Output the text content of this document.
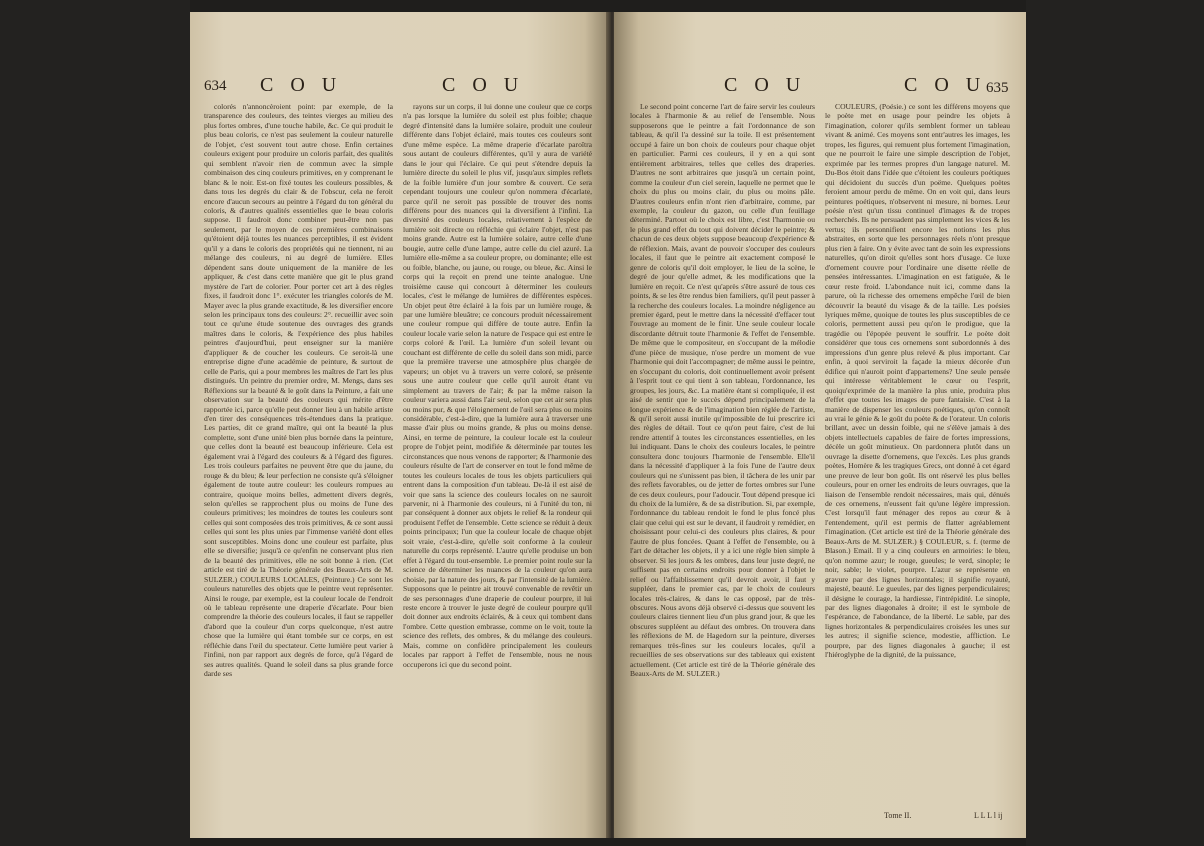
634 C O U	C O U

colorés n'annoncèroient point: par exemple, de la transparence des couleurs, des teintes vierges au milieu des plus fortes ombres, d'une touche habile, &c. Ce qui produit le plus beau coloris, ce n'est pas seulement la couleur naturelle de l'objet, c'est souvent tout autre chose. Enfin certaines couleurs exigent pour produire un coloris parfait, des qualités qui semblent n'avoir rien de commun avec la simple combinaison des cinq couleurs primitives, en y comprenant le blanc & le noir. Est-on fixé toutes les couleurs possibles, & dans tous les degrés du clair & de l'obscur, cela ne feroit encore d'aucun secours au peintre à l'égard du ton général du coloris, & d'autres qualités essentielles que le beau coloris suppose. Il faudroit donc combiner peut-être non pas seulement, par le moyen de ces premières combinaisons qu'étoient déjà toutes les nuances perceptibles, il est évident qu'il y a dans le coloris des propriétés qui ne tiennent, ni au mélange des couleurs, ni au degré de lumière. Elles dépendent sans doute uniquement de la manière de les appliquer, & c'est dans cette manière que git le plus grand mystère de l'art de colorier. Pour porter cet art à des règles fixes, il faudroit donc 1°. exécuter les triangles colorés de M. Mayer avec la plus grande exactitude, & les diversifier encore selon les principaux tons des couleurs: 2°. recueillir avec soin tout ce qu'une étude soutenue des ouvrages des grands maîtres dans le coloris, & l'expérience des plus habiles peintres d'aujourd'hui, peut enseigner sur la manière d'appliquer & de coucher les couleurs. Ce seroit-là une entreprise digne d'une académie de peinture, & surtout de celle de Paris, qui a pour membres les maîtres de l'art les plus distingués. Un peintre du premier ordre, M. Mengs, dans ses Réflexions sur la beauté & le goût dans la Peinture, a fait une observation sur la beauté des couleurs qui mérite d'être rapportée ici, parce qu'elle peut donner lieu à un habile artiste d'en tirer des conséquences très-étendues dans la pratique. Les parties, dit ce grand maître, qui ont la beauté la plus complette, sont d'une unité bien plus bornée dans la peinture, que celles dont la beauté est beaucoup inférieure. Cela est également vrai à l'égard des couleurs & à l'égard des figures. Les trois couleurs parfaites ne peuvent être que du jaune, du rouge & du bleu; & leur perfection ne consiste qu'à s'éloigner également de toute autre couleur: les couleurs rompues au contraire, quoique moins belles, admettent divers degrés, selon qu'elles se rapprochent plus ou moins de l'une des couleurs primitives; les moindres de toutes les couleurs sont celles qui sont composées des trois primitives, & ce sont aussi celles qui sont les plus unies par l'immense variété dont elles sont susceptibles. Moins donc une couleur est parfaite, plus elle se diversifie; jusqu'à ce qu'enfin ne conservant plus rien de la beauté des primitives, elle ne soit bonne à rien. (Cet article est tiré de la Théorie générale des Beaux-Arts de M. SULZER.) COULEURS LOCALES, (Peinture.) Ce sont les couleurs naturelles des objets que le peintre veut représenter. Ainsi le rouge, par exemple, est la couleur locale de l'endroit où le tableau représente une draperie d'écarlate. Pour bien comprendre la théorie des couleurs locales, il faut se rappeller d'abord que la couleur d'un corps quelconque, n'est autre chose que la lumière qui étant tombée sur ce corps, en est réfléchie dans l'œil du spectateur. Cette lumière peut varier à l'infini, non par rapport aux degrés de force, qu'à l'égard de ses autres qualités. Quand le soleil dans sa plus grande force darde ses

rayons sur un corps, il lui donne une couleur que ce corps n'a pas lorsque la lumière du soleil est plus foible; chaque degré d'intensité dans la lumière solaire, produit une couleur différente dans l'objet éclairé, mais toutes ces couleurs sont d'une même espèce. La même draperie d'écarlate paroîtra sous autant de couleurs différentes, qu'il y aura de variété dans le jour qui l'éclaire. Ce qui peut s'étendre depuis la lumière directe du soleil le plus vif, jusqu'aux simples reflets de la foible lumière d'un jour sombre & couvert. Ce sera cependant toujours une couleur qu'on nommera d'écarlate, parce qu'il ne seroit pas possible de trouver des noms différens pour des nuances qui la diversifient à l'infini. La diversité des couleurs locales, relativement à l'espèce de lumière soit directe ou réfléchie qui éclaire l'objet, n'est pas moins grande. Autre est la lumière solaire, autre celle d'une bougie, autre celle d'une lampe, autre celle du ciel azuré. La lumière elle-même a sa couleur propre, ou dominante; elle est ou foible, blanche, ou jaune, ou rouge, ou bleue, &c. Ainsi le corps qui la reçoit en prend une teinte analogue. Une troisième cause qui concourt à déterminer les couleurs locales, c'est le mélange de lumières de différentes espèces. Un objet peut être éclairé à la fois par un lumière rouge, & par une lumière bleuâtre; ce concours produit nécessairement une couleur rompue qui diffère de toute autre. Enfin la couleur locale varie selon la nature de l'espace qui est entre le corps coloré & l'œil. La lumière d'un soleil levant ou couchant est différente de celle du soleil dans son midi, parce que la première traverse une atmosphère plus chargée de vapeurs; un objet vu à travers un verre coloré, se présente sous une autre couleur que celle qu'il auroit étant vu simplement au travers de l'air; & par la même raison la couleur variera aussi dans l'air seul, selon que cet air sera plus ou moins pur, & que l'éloignement de l'œil sera plus ou moins considérable, c'est-à-dire, que la lumière aura à traverser une masse d'air plus ou moins grande, & plus ou moins dense. Ainsi, en terme de peinture, la couleur locale est la couleur propre de l'objet peint, modifiée & déterminée par toutes les circonstances que nous venons de rapporter; & l'harmonie des couleurs résulte de l'art de conserver en tout le fond même de toutes les couleurs locales de tous les objets particuliers qui entrent dans la composition d'un tableau. De-là il est aisé de voir que sans la science des couleurs locales on ne sauroit parvenir, ni à l'harmonie des couleurs, ni à l'unité du ton, ni par conséquent à donner aux objets le relief & la rondeur qui produisent l'effet de l'ensemble. Cette science se réduit à deux points principaux; l'un que la couleur locale de chaque objet soit vraie, c'est-à-dire, qu'elle soit conforme à la couleur naturelle du corps représenté. L'autre qu'elle produise un bon effet à l'égard du tout-ensemble. Le premier point roule sur la science de déterminer les nuances de la couleur qu'on aura choisie, par la nature des jours, & par l'intensité de la lumière. Supposons que le peintre ait trouvé convenable de revêtir un de ses personnages d'une draperie de couleur pourpre, il lui reste encore à trouver le juste degré de couleur pourpre qu'il doit donner aux endroits éclairés, & à ceux qui tombent dans l'ombre. Cette question embrasse, comme on le voit, toute la science des reflets, des ombres, & du mélange des couleurs. Mais, comme on confidère principalement les couleurs locales par rapport à l'effet de l'ensemble, nous ne nous occuperons ici que du second point.

C O U	C O U 635

Le second point concerne l'art de faire servir les couleurs locales à l'harmonie & au relief de l'ensemble. Nous supposerons que le peintre a fait l'ordonnance de son tableau, & qu'il l'a dessiné sur la toile. Il est présentement occupé à faire un bon choix de couleurs pour chaque objet en particulier. Parmi ces couleurs, il y en a qui sont entièrement arbitraires, telles que celles des draperies. D'autres ne sont arbitraires que jusqu'à un certain point, comme la couleur d'un ciel serein, laquelle ne permet que le choix du plus ou moins clair, du plus ou moins pâle. D'autres couleurs enfin n'ont rien d'arbitraire, comme, par exemple, la couleur du gazon, ou celle d'un feuillage déterminé. Partout où le choix est libre, c'est l'harmonie ou le plus grand effet du tout qui doivent décider le peintre; & chacun de ces deux objets suppose beaucoup d'expérience & de réflexion. Mais, avant de pouvoir s'occuper des couleurs locales, il faut que le peintre ait exactement composé le genre de coloris qu'il doit employer, le lieu de la scène, le degré de jour qu'elle admet, & les modifications que la lumière en reçoit. Ce n'est qu'après s'être assuré de tous ces points, & se les être rendus bien familiers, qu'il peut passer à la recherche des couleurs locales. La moindre négligence au premier égard, peut le mettre dans la nécessité d'effacer tout l'ouvrage au moment de le finir. Une seule couleur locale discordante détruit toute l'harmonie & l'effet de l'ensemble. De même que le compositeur, en s'occupant de la mélodie d'une pièce de musique, n'ose perdre un moment de vue l'harmonie qui doit l'accompagner; de même aussi le peintre, en s'occupant du coloris, doit continuellement avoir présent à l'esprit tout ce qui tient à son tableau, l'ordonnance, les groupes, les jours, &c. La matière étant si compliquée, il est aisé de sentir que le succès dépend principalement de la longue expérience & de l'imagination bien réglée de l'artiste, & qu'il seroit aussi inutile qu'impossible de lui prescrire ici des règles de détail. Tout ce qu'on peut faire, c'est de lui rendre attentif à toutes les circonstances essentielles, en les lui indiquant. Dans le choix des couleurs locales, le peintre consultera donc toujours l'harmonie de l'ensemble. Elle'il dans la nécessité d'appliquer à la fois l'une de l'autre deux couleurs qui ne s'unissent pas bien, il tâchera de les unir par des reflets favorables, ou de jetter de fortes ombres sur l'une de ces deux couleurs, pour l'adoucir. Tout dépend presque ici du choix de la lumière, & de sa distribution. Si, par exemple, l'ordonnance du tableau rendoit le fond le plus foncé plus clair que celui qui est sur le devant, il faudroit y remédier, en choisissant pour celui-ci des couleurs plus claires, & pour l'autre de plus foncées. Quant à l'effet de l'ensemble, ou à l'art de détacher les objets, il y a ici une règle bien simple à observer. Si les jours & les ombres, dans leur juste degré, ne suffisent pas en certains endroits pour donner à l'objet le relief ou l'affaiblissement qu'il devroit avoir, il faut y suppléer, dans le premier cas, par le choix de couleurs locales très-claires, & dans le cas opposé, par de très-obscures. Nous avons déjà observé ci-dessus que souvent les couleurs claires tiennent lieu d'un plus grand jour, & que les obscures suppléent au défaut des ombres. On trouvera dans les réflexions de M. de Hagedorn sur la peinture, diverses remarques très-fines sur les couleurs locales, qu'il a recueillies de ses observations sur des tableaux qui existent actuellement. (Cet article est tiré de la Théorie générale des Beaux-Arts de M. SULZER.)

COULEURS, (Poésie.) ce sont les différens moyens que le poète met en usage pour peindre les objets à l'imagination, colorer qu'ils semblent former un tableau vivant & animé. Ces moyens sont entr'autres les images, les tropes, les figures, qui remuent plus fortement l'imagination, que ne pourroit le faire une simple description de l'objet, exprimée par les termes propres d'un langage naturel. M. Du-Bos étoit dans l'idée que c'étoient les couleurs poétiques qui décidoient du succès d'un poëme. Quelques poètes feroient amour perdu de même. On en voit qui, dans leurs peintures poétiques, n'observent ni mesure, ni bornes. Leur poésie n'est qu'un tissu continuel d'images & de tropes recherchés. Ils ne persuadent pas simplement les vices & les vertus; ils personnifient encore les notions les plus abstraites, en sorte que les personnages réels n'ont presque plus rien à faire. On y évite avec tant de soin les expressions naturelles, qu'on diroit qu'elles sont hors d'usage. Ce luxe d'ornement couvre pour l'ordinaire une disette réelle de pensées intéressantes. L'imagination en est fatiguée, & le cœur reste froid. L'abondance nuit ici, comme dans la parure, où la richesse des ornemens empêche l'œil de bien découvrir la beauté du visage & de la taille. Les poésies lyriques même, quoique de toutes les plus susceptibles de ce coloris, permettent aussi peu qu'on le prodigue, que la tragédie ou l'épopée peuvent le souffrir. Le poète doit considérer que tous ces ornemens sont subordonnés à des impressions d'un genre plus relevé & plus important. Car enfin, à quoi serviroit la façade la mieux décorée d'un édifice qui n'auroit point d'appartemens? Une seule pensée qui intéresse véritablement le cœur ou l'esprit, quoiqu'exprimée de la manière la plus unie, produira plus d'effet que toutes les images de pure fantaisie. C'est à la manière de dispenser les couleurs poétiques, qu'on connoît au vrai le génie & le goût du poète & de l'orateur. Un coloris brillant, avec un dessin foible, qui ne s'élève jamais à des objets intellectuels capables de faire de fortes impressions, décèle un goût minutieux. On pardonnera plutôt dans un ouvrage la disette d'ornemens, que l'excès. Les plus grands poètes, Homère & les tragiques Grecs, ont donné à cet égard une preuve de leur bon goût. Ils ont réservé les plus belles couleurs, pour en orner les endroits de leurs ouvrages, que la liaison de l'ensemble rendoit nécessaires, mais qui, dénués de ces ornemens, n'eussent fait qu'une légère impression. C'est lorsqu'il faut ménager des repos au cœur & à l'entendement, qu'il est permis de flatter agréablement l'imagination. (Cet article est tiré de la Théorie générale des Beaux-Arts de M. SULZER.) § COULEUR, s. f. (terme de Blason.) Email. Il y a cinq couleurs en armoiries: le bleu, qu'on nomme azur; le rouge, gueules; le verd, sinople; le noir, sable; le violet, pourpre. L'azur se représente en gravure par des lignes horizontales; il signifie royauté, majesté, beauté. Le gueules, par des lignes perpendiculaires; il désigne le courage, la hardiesse, l'intrépidité. Le sinople, par des lignes diagonales à droite; il est le symbole de l'espérance, de l'abondance, de la liberté. Le sable, par des lignes horizontales & perpendiculaires croisées les unes sur les autres; il signifie science, modestie, affliction. Le pourpre, par des lignes diagonales à gauche; il est l'hiéroglyphe de la dignité, de la puissance,

Tome II.	L L L l ij
